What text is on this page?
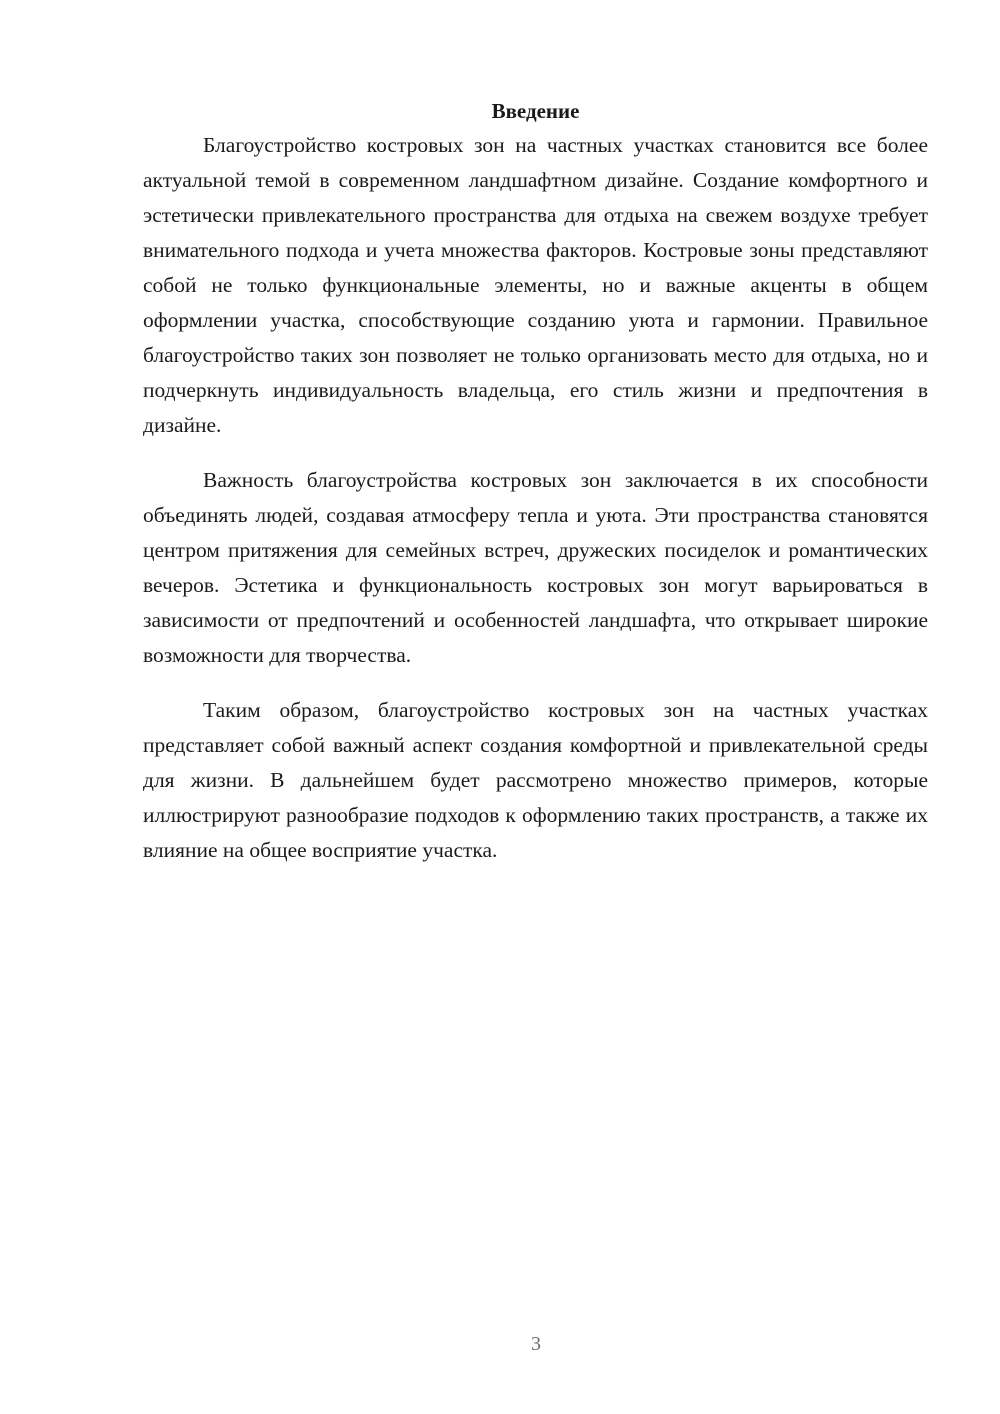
Введение

Благоустройство костровых зон на частных участках становится все более актуальной темой в современном ландшафтном дизайне. Создание комфортного и эстетически привлекательного пространства для отдыха на свежем воздухе требует внимательного подхода и учета множества факторов. Костровые зоны представляют собой не только функциональные элементы, но и важные акценты в общем оформлении участка, способствующие созданию уюта и гармонии. Правильное благоустройство таких зон позволяет не только организовать место для отдыха, но и подчеркнуть индивидуальность владельца, его стиль жизни и предпочтения в дизайне.

Важность благоустройства костровых зон заключается в их способности объединять людей, создавая атмосферу тепла и уюта. Эти пространства становятся центром притяжения для семейных встреч, дружеских посиделок и романтических вечеров. Эстетика и функциональность костровых зон могут варьироваться в зависимости от предпочтений и особенностей ландшафта, что открывает широкие возможности для творчества.

Таким образом, благоустройство костровых зон на частных участках представляет собой важный аспект создания комфортной и привлекательной среды для жизни. В дальнейшем будет рассмотрено множество примеров, которые иллюстрируют разнообразие подходов к оформлению таких пространств, а также их влияние на общее восприятие участка.

3
